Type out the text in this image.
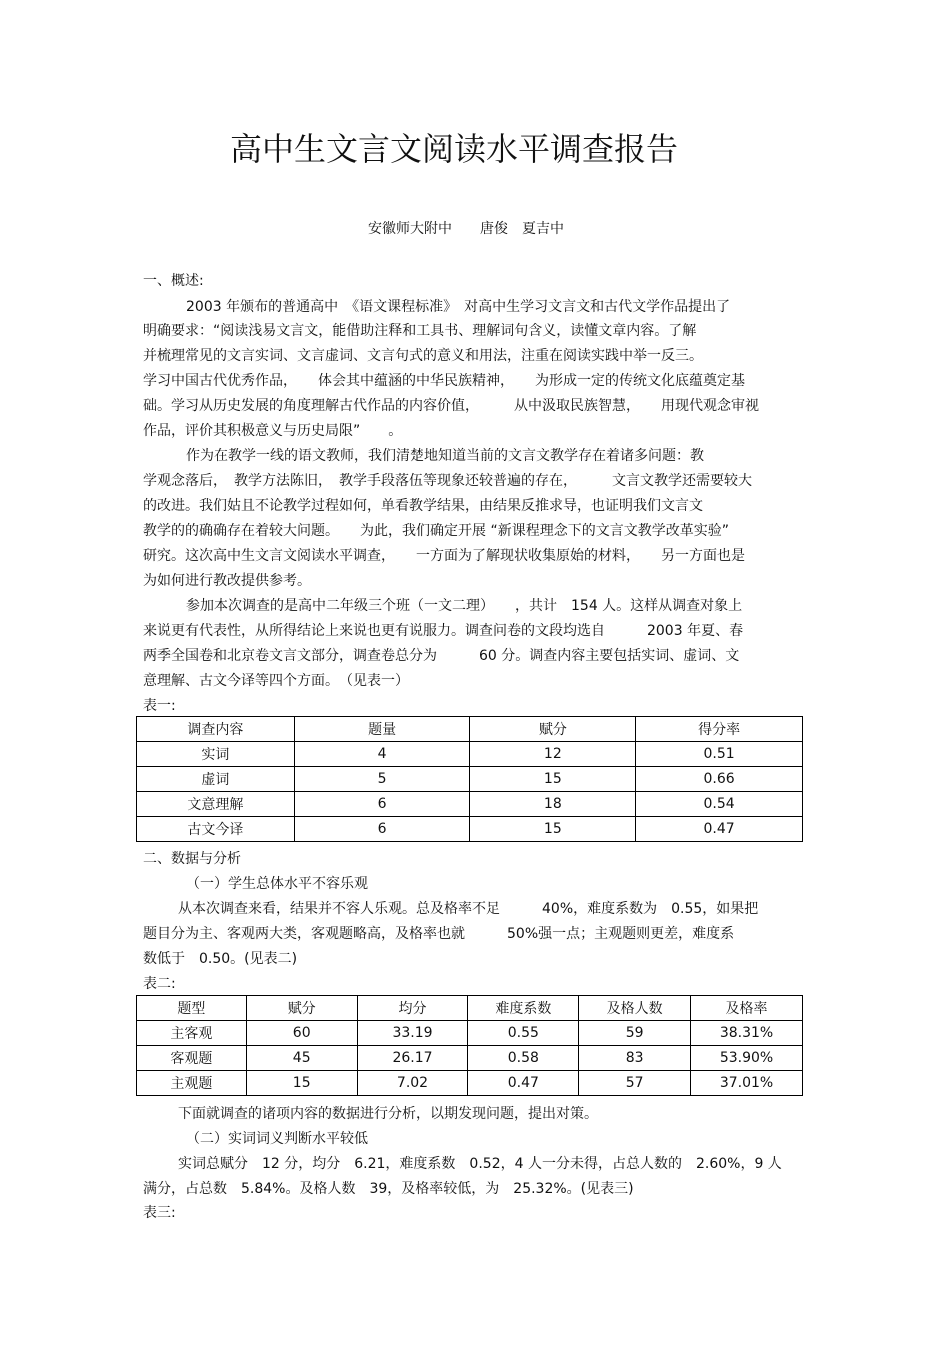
高中生文言文阅读水平调查报告
安徽师大附中　　唐俊　夏吉中
一、概述:
2003 年颁布的普通高中　《语文课程标准》　对高中生学习文言文和古代文学作品提出了
明确要求：“阅读浅易文言文，能借助注释和工具书、理解词句含义，读懂文章内容。了解
并梳理常见的文言实词、文言虚词、文言句式的意义和用法，注重在阅读实践中举一反三。
学习中国古代优秀作品，　　体会其中蕴涵的中华民族精神，　　为形成一定的传统文化底蕴奠定基
础。学习从历史发展的角度理解古代作品的内容价值，　　　从中汲取民族智慧，　　用现代观念审视
作品，评价其积极意义与历史局限”　　。
作为在教学一线的语文教师，我们清楚地知道当前的文言文教学存在着诸多问题：教
学观念落后，　教学方法陈旧，　教学手段落伍等现象还较普遍的存在，　　　文言文教学还需要较大
的改进。我们姑且不论教学过程如何，单看教学结果，由结果反推求导，也证明我们文言文
教学的的确确存在着较大问题。　　为此，我们确定开展 “新课程理念下的文言文教学改革实验”
研究。这次高中生文言文阅读水平调查，　　一方面为了解现状收集原始的材料，　　另一方面也是
为如何进行教改提供参考。
参加本次调查的是高中二年级三个班（一文二理）　　，共计　154 人。这样从调查对象上
来说更有代表性，从所得结论上来说也更有说服力。调查问卷的文段均选自　　　2003 年夏、春
两季全国卷和北京卷文言文部分，调查卷总分为　　　60 分。调查内容主要包括实词、虚词、文
意理解、古文今译等四个方面。　（见表一）
表一:
调查内容	题量	赋分	得分率
实词	4	12	0.51
虚词	5	15	0.66
文意理解	6	18	0.54
古文今译	6	15	0.47
二、数据与分析
（一）学生总体水平不容乐观
从本次调查来看，结果并不容人乐观。总及格率不足　　　40%，难度系数为　0.55，如果把
题目分为主、客观两大类，客观题略高，及格率也就　　　50%强一点；主观题则更差，难度系
数低于　0.50。(见表二)
表二:
题型	赋分	均分	难度系数	及格人数	及格率
主客观	60	33.19	0.55	59	38.31%
客观题	45	26.17	0.58	83	53.90%
主观题	15	7.02	0.47	57	37.01%
下面就调查的诸项内容的数据进行分析，以期发现问题，提出对策。
（二）实词词义判断水平较低
实词总赋分　12 分，均分　6.21，难度系数　0.52，4 人一分未得，占总人数的　2.60%，9 人
满分，占总数　5.84%。及格人数　39，及格率较低，为　25.32%。(见表三)
表三:
